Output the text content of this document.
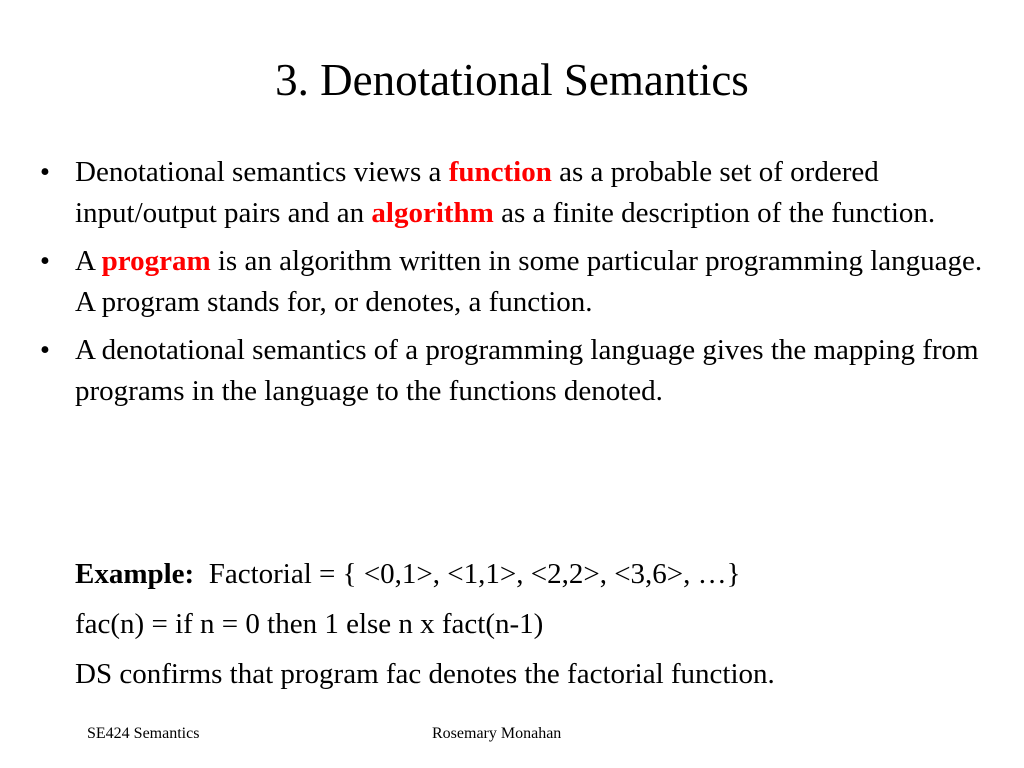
3. Denotational Semantics
• Denotational semantics views a function as a probable set of ordered input/output pairs and an algorithm as a finite description of the function.
• A program is an algorithm written in some particular programming language. A program stands for, or denotes, a function.
• A denotational semantics of a programming language gives the mapping from programs in the language to the functions denoted.
Example: Factorial = { <0,1>, <1,1>, <2,2>, <3,6>, …}
fac(n) = if n = 0 then 1 else n x fact(n-1)
DS confirms that program fac denotes the factorial function.
SE424 Semantics	Rosemary Monahan
